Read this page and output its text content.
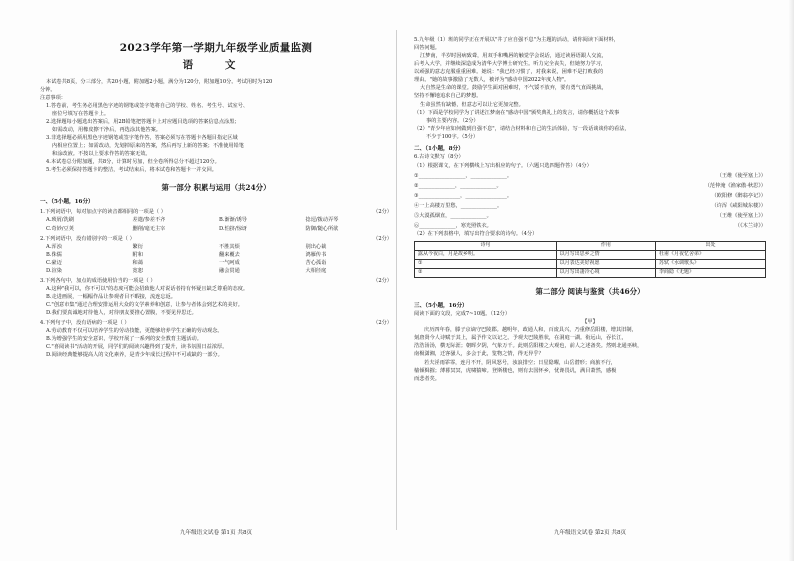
2023学年第一学期九年级学业质量监测
语 文

本试卷共8页，分三部分，共20小题，附加题2小题，满分为120分，附加题10分。考试用时为120

分钟。

注意事项：

1.答卷前，考生务必用黑色字迹的钢笔或签字笔将自己的学校、姓名、考生号、试室号、

座位号填写在答题卡上。

2.选择题每小题选出答案后，用2B铅笔把答题卡上对应题目选项的答案信息点涂黑；

如需改动，用橡皮擦干净后，再选涂其他答案。

3.非选择题必须用黑色字迹钢笔或签字笔作答，答案必须写在答题卡各题目指定区域

内相应位置上；如需改动，先划掉原来的答案，然后再写上新的答案；不准使用铅笔

和涂改液。不按以上要求作答的答案无效。

4.本试卷总分附加题，共8分，计算时另加，但全卷所得总分不超过120分。

5.考生必须保持答题卡的整洁，考试结束后，将本试卷和答题卡一并交回。

第一部分 积累与运用（共24分）
一、（5小题，16分）
1.下列词语中，每对加点字的读音都相同的一项是（ ）	（2分）
A.琐屑/洗刷	差遣/参差不齐	B.渐渐/诱导	捻逗/拨动弄琴
C.奇妙/豆荚	删削/毫无主宰	D.怕挤/惊讶	防御/随心所欲
2.下列词语中，没有错别字的一项是（ ）	（2分）
A.浑浊	繁衍	不胜其烦	别出心裁
B.侏儒	附和	翻来覆去	鸿雁传书
C.豪迈	和蔼	一气呵成	苦心孤诣
D.渲染	宽恕	融会贯通	大相径庭
3.下列各句中，加点的成语使用恰当的一项是（ ）	（2分）

A.这种"我可以，你不可以"的态度可能会招致他人对说话者持有怀疑且缺乏尊重的态度。

B.走进画展，一幅幅作品让参观者目不暇接，流连忘返。

C."创意市集"通过合理安排运用大众的文学素养和创意，让参与者体会到艺术的美好。

D.我们要真诚地对待他人，对待朋友要推心置腹，不要见异思迁。

4.下列句子中，没有语病的一项是（ ）	（2分）

A.劳动教育不仅可以培养学生的劳动技能，更能够培养学生正确的劳动观念。

B.为增强学生的安全意识，学校开展了一系列的安全教育主题活动。

C."喜阅读书"活动的开展，同学们的阅读兴趣得到了提升，读书氛围日益浓厚。

D.阅读经典能够提高人的文化素养，是青少年成长过程中不可或缺的一部分。

九年级语文试卷 第1页 共8页

5.九年级（1）班的同学正在开展以"井了应自强不息"为主题的活动，请你阅读下面材料，

回答问题。

江梦南，半岁时因病致聋，用双手和嘴唇的触觉学会说话，通过读唇语跟人交流，

后考入大学，并继续深造成为清华大学博士研究生。听力完全丧失，但她努力学习，

以顽强的意志克服重重困难。她说："我已经习惯了，对我来说，困难不是打败我的

理由。"她的故事激励了无数人，被评为"感动中国2022年度人物"。

大自然是生命的课堂。鼓励学生面对困难时，不气馁不放弃，要有勇气直面挑战，

坚持不懈地追求自己的梦想。

生命虽然有缺憾，但意志可以让它更加完整。

（1）下面是学校同学为了讲述江梦南在"感动中国"颁奖典礼上的发言，请你概括这个故事

事的主要内容。（2分）

（2）"青少年应如何做到自强不息"，请结合材料和自己的生活体验，写一段话谈谈你的看法，

不少于100字。（5分）

二、（1小题，8分）

6.古诗文默写（8分）

（1）根据课文，在下列横线上写出相应的句子。（六题只选四题作答）（4分）

①__________________，______________。	（王维《使至塞上》）
②______________，______________。	（范仲淹《渔家傲·秋思》）
③________________，________________。	（欧阳修《醉翁亭记》）
④一上高楼万里愁，______________。	（许浑《咸阳城东楼》）
⑤大漠孤烟直，______________。	（王维《使至塞上》）
⑥______________，寒光照铁衣。	（《木兰诗》）

（2）在下列表格中，填写出符合要求的诗句。（4分）

诗句	作用	出处
露从今夜白，月是故乡明。	以月写出思乡之情	杜甫《月夜忆舍弟》
①	以月表达美好祝愿	苏轼《水调歌头》
②	以月写出凄冷心境	李商隐《无题》
第二部分 阅读与鉴赏（共46分）
三、（5小题，16分）

阅读下面的文段，完成7~10题。（12分）

【甲】

庆历四年春，滕子京谪守巴陵郡。越明年，政通人和，百废具兴，乃重修岳阳楼，增其旧制，

刻唐贤今人诗赋于其上，属予作文以记之。予观夫巴陵胜状，在洞庭一湖。衔远山，吞长江，

浩浩汤汤，横无际涯；朝晖夕阴，气象万千。此则岳阳楼之大观也，前人之述备矣。然则北通巫峡，

南极潇湘，迁客骚人，多会于此，览物之情，得无异乎？

若夫淫雨霏霏，连月不开，阴风怒号，浊浪排空；日星隐曜，山岳潜形；商旅不行，

樯倾楫摧；薄暮冥冥，虎啸猿啼。登斯楼也，则有去国怀乡，忧谗畏讥，满目萧然，感极

而悲者矣。

九年级语文试卷 第2页 共8页
